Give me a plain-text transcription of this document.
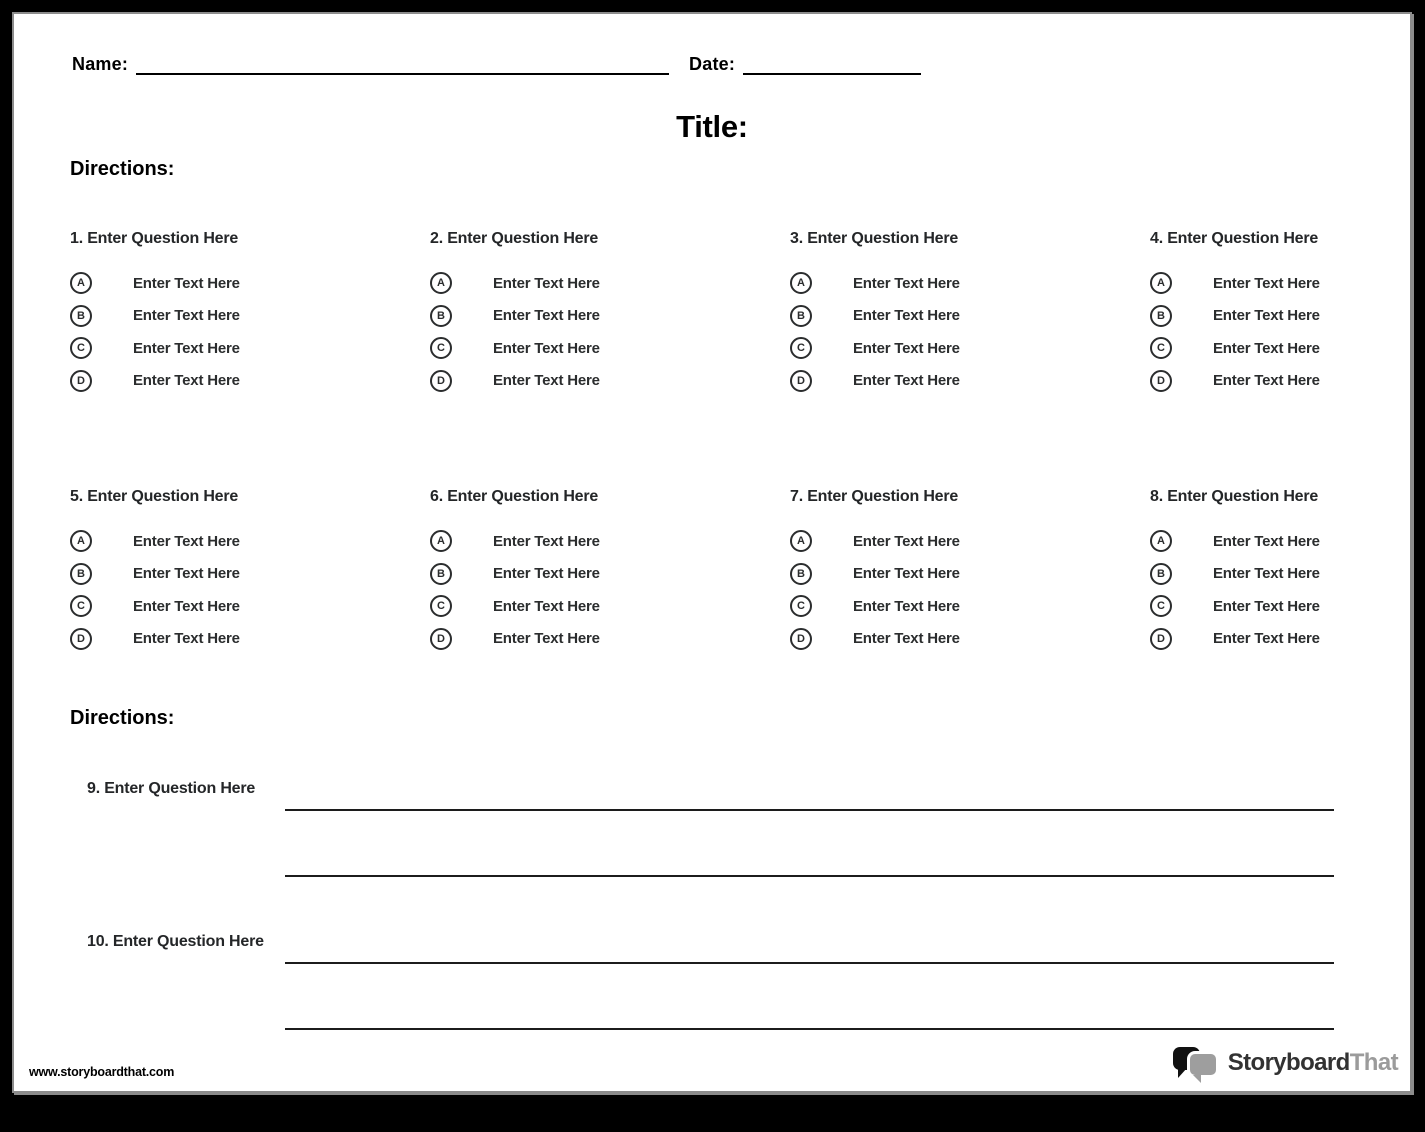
Name:	Date:
Title:
Directions:
1. Enter Question Here
A	Enter Text Here
B	Enter Text Here
C	Enter Text Here
D	Enter Text Here
2. Enter Question Here
A	Enter Text Here
B	Enter Text Here
C	Enter Text Here
D	Enter Text Here
3. Enter Question Here
A	Enter Text Here
B	Enter Text Here
C	Enter Text Here
D	Enter Text Here
4. Enter Question Here
A	Enter Text Here
B	Enter Text Here
C	Enter Text Here
D	Enter Text Here
5. Enter Question Here
A	Enter Text Here
B	Enter Text Here
C	Enter Text Here
D	Enter Text Here
6. Enter Question Here
A	Enter Text Here
B	Enter Text Here
C	Enter Text Here
D	Enter Text Here
7. Enter Question Here
A	Enter Text Here
B	Enter Text Here
C	Enter Text Here
D	Enter Text Here
8. Enter Question Here
A	Enter Text Here
B	Enter Text Here
C	Enter Text Here
D	Enter Text Here
Directions:
9. Enter Question Here
10. Enter Question Here
www.storyboardthat.com	StoryboardThat
